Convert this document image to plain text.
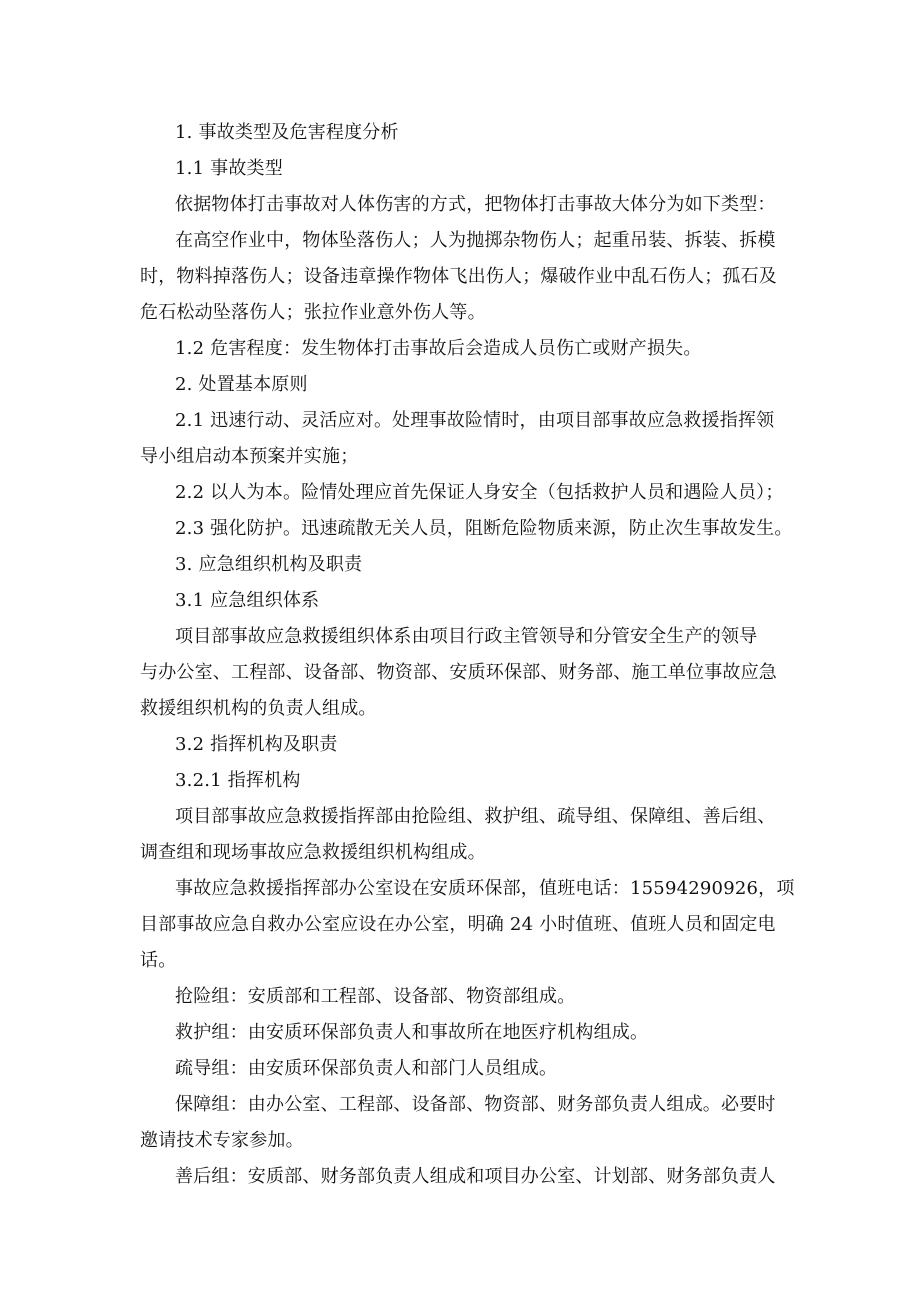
1. 事故类型及危害程度分析
1.1 事故类型
依据物体打击事故对人体伤害的方式，把物体打击事故大体分为如下类型：
在高空作业中，物体坠落伤人；人为抛掷杂物伤人；起重吊装、拆装、拆模
时，物料掉落伤人；设备违章操作物体飞出伤人；爆破作业中乱石伤人；孤石及
危石松动坠落伤人；张拉作业意外伤人等。
1.2 危害程度：发生物体打击事故后会造成人员伤亡或财产损失。
2. 处置基本原则
2.1 迅速行动、灵活应对。处理事故险情时，由项目部事故应急救援指挥领
导小组启动本预案并实施；
2.2 以人为本。险情处理应首先保证人身安全（包括救护人员和遇险人员）；
2.3 强化防护。迅速疏散无关人员，阻断危险物质来源，防止次生事故发生。
3. 应急组织机构及职责
3.1 应急组织体系
项目部事故应急救援组织体系由项目行政主管领导和分管安全生产的领导
与办公室、工程部、设备部、物资部、安质环保部、财务部、施工单位事故应急
救援组织机构的负责人组成。
3.2 指挥机构及职责
3.2.1 指挥机构
项目部事故应急救援指挥部由抢险组、救护组、疏导组、保障组、善后组、
调查组和现场事故应急救援组织机构组成。
事故应急救援指挥部办公室设在安质环保部，值班电话：15594290926，项
目部事故应急自救办公室应设在办公室，明确 24 小时值班、值班人员和固定电
话。
抢险组：安质部和工程部、设备部、物资部组成。
救护组：由安质环保部负责人和事故所在地医疗机构组成。
疏导组：由安质环保部负责人和部门人员组成。
保障组：由办公室、工程部、设备部、物资部、财务部负责人组成。必要时
邀请技术专家参加。
善后组：安质部、财务部负责人组成和项目办公室、计划部、财务部负责人
